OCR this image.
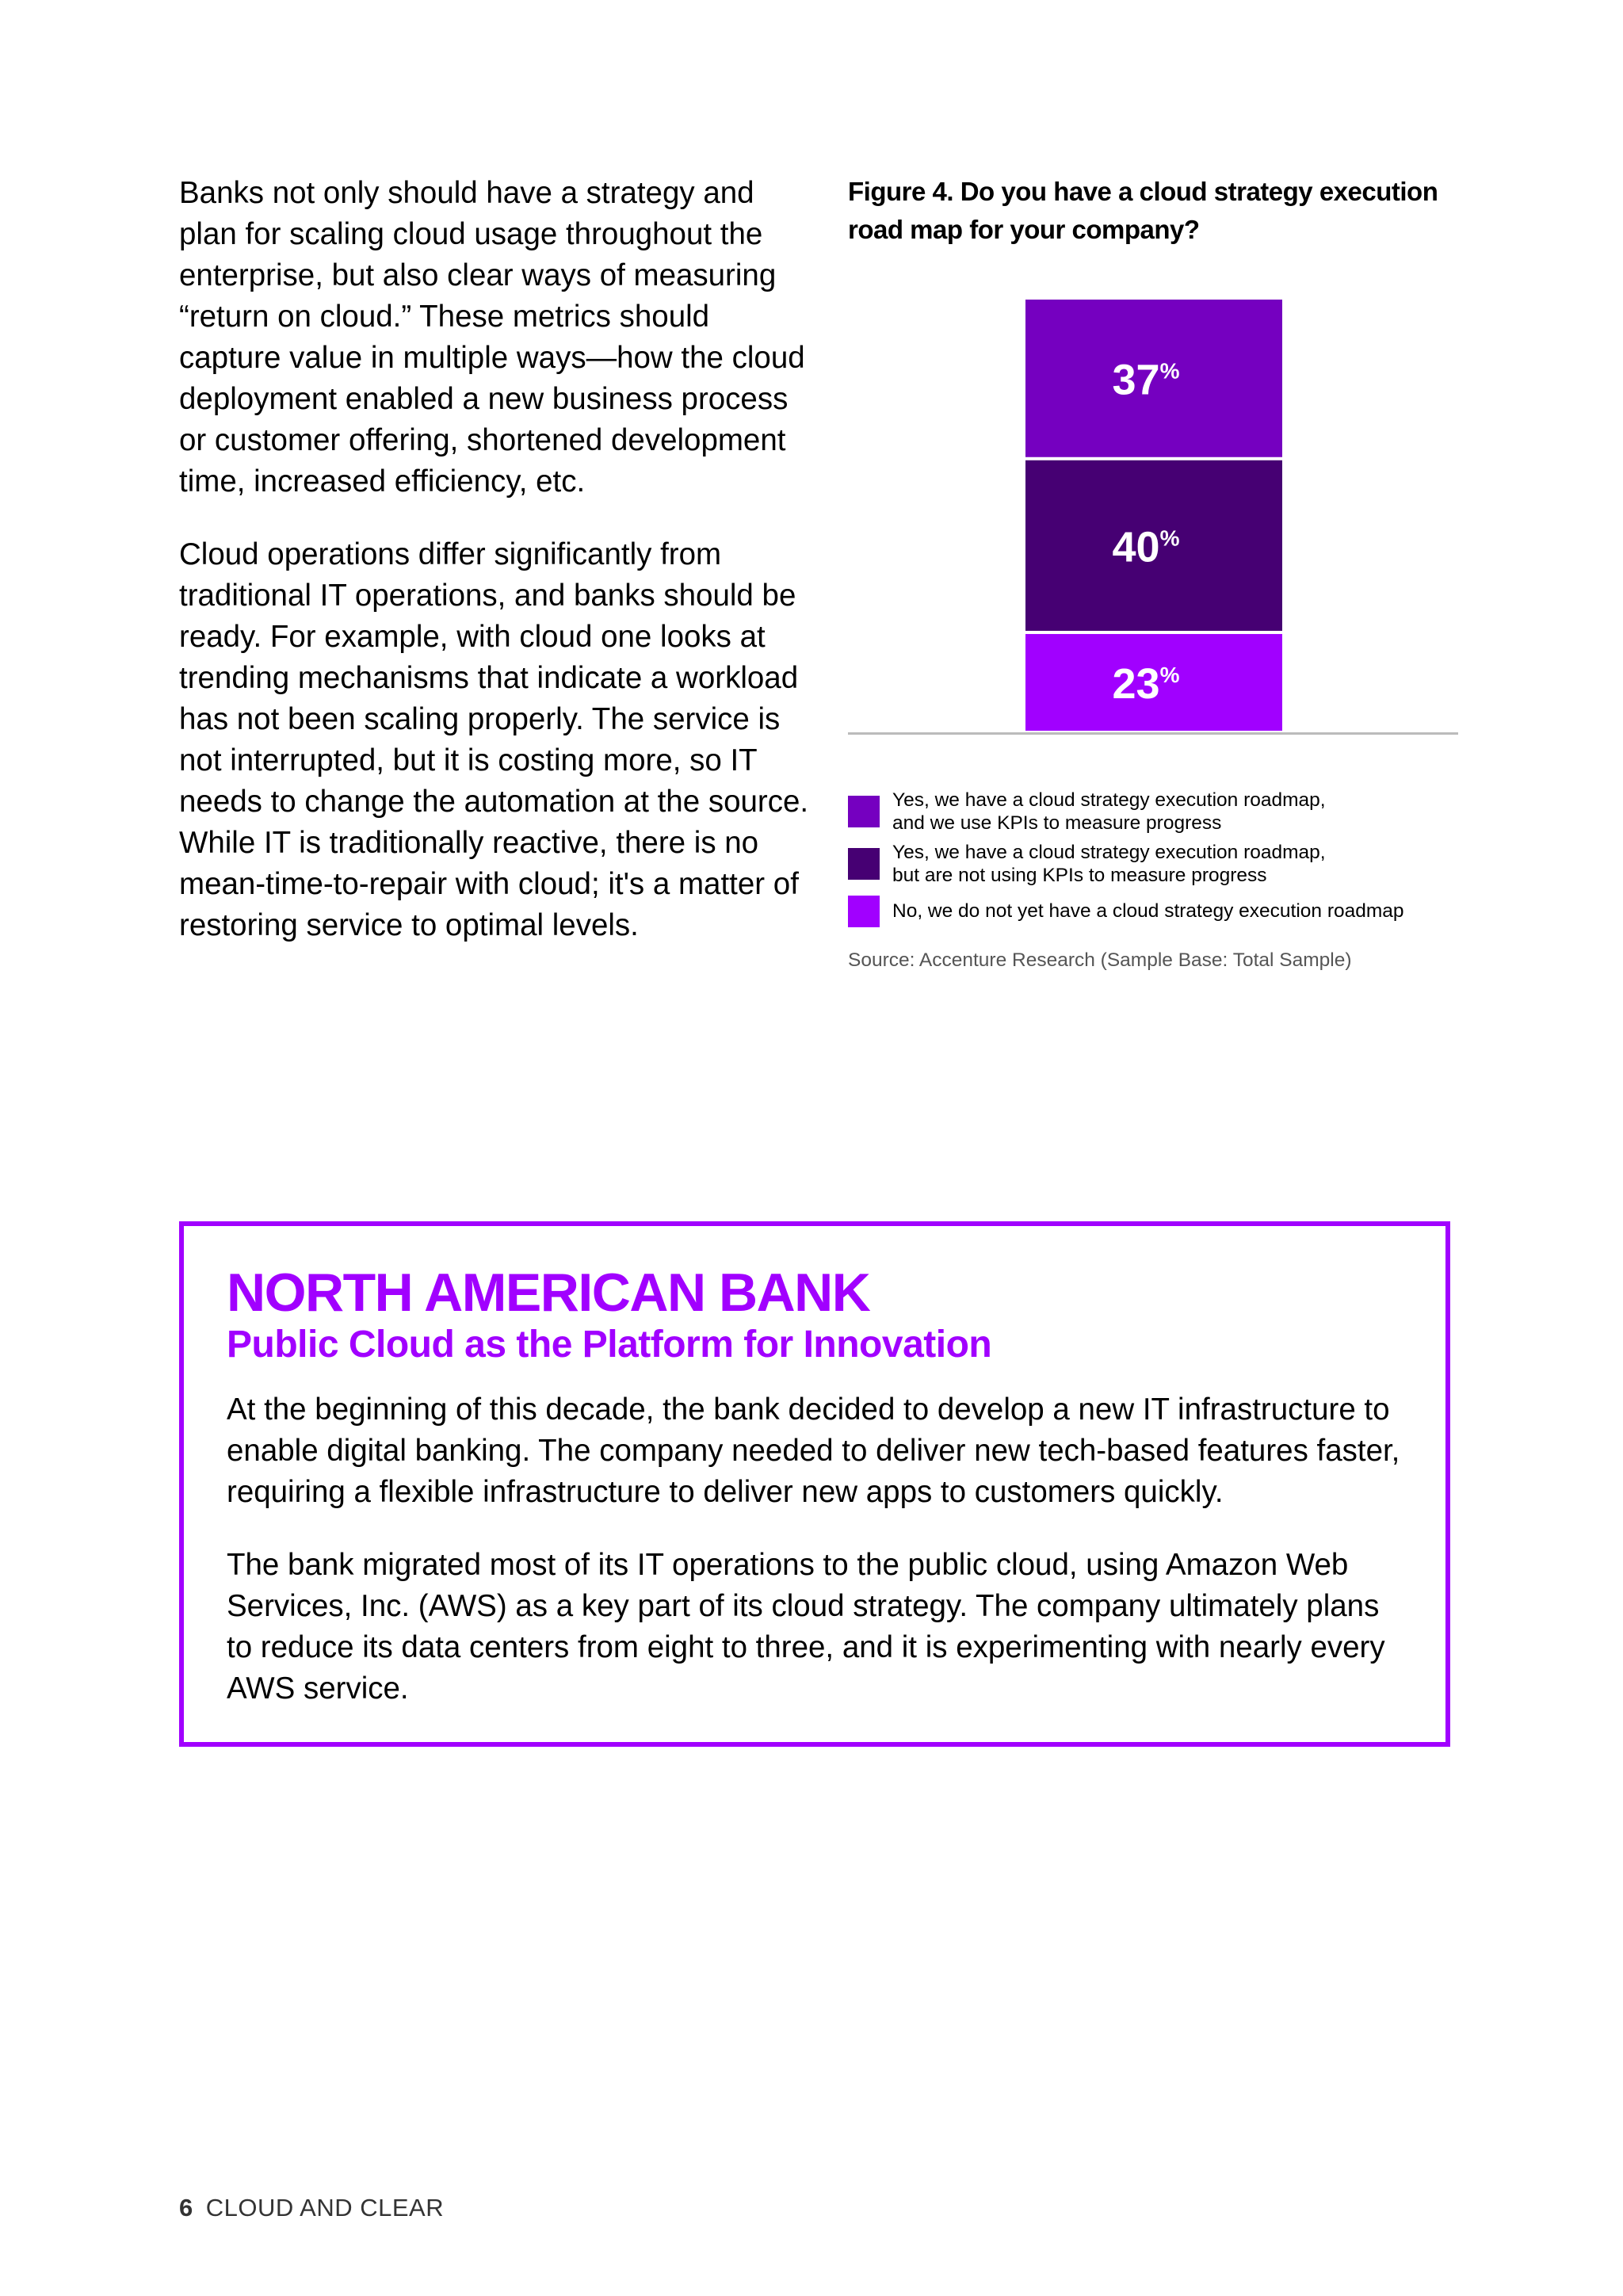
Banks not only should have a strategy and plan for scaling cloud usage throughout the enterprise, but also clear ways of measuring “return on cloud.” These metrics should capture value in multiple ways—how the cloud deployment enabled a new business process or customer offering, shortened development time, increased efficiency, etc.

Cloud operations differ significantly from traditional IT operations, and banks should be ready. For example, with cloud one looks at trending mechanisms that indicate a workload has not been scaling properly. The service is not interrupted, but it is costing more, so IT needs to change the automation at the source. While IT is traditionally reactive, there is no mean-time-to-repair with cloud; it's a matter of restoring service to optimal levels.

Figure 4. Do you have a cloud strategy execution road map for your company?
23%
40%
37%
Yes, we have a cloud strategy execution roadmap,
and we use KPIs to measure progress
Yes, we have a cloud strategy execution roadmap,
but are not using KPIs to measure progress
No, we do not yet have a cloud strategy execution roadmap
Source: Accenture Research (Sample Base: Total Sample)
NORTH AMERICAN BANK
Public Cloud as the Platform for Innovation

At the beginning of this decade, the bank decided to develop a new IT infrastructure to enable digital banking. The company needed to deliver new tech-based features faster, requiring a flexible infrastructure to deliver new apps to customers quickly.

The bank migrated most of its IT operations to the public cloud, using Amazon Web Services, Inc. (AWS) as a key part of its cloud strategy. The company ultimately plans to reduce its data centers from eight to three, and it is experimenting with nearly every AWS service.

6 CLOUD AND CLEAR
